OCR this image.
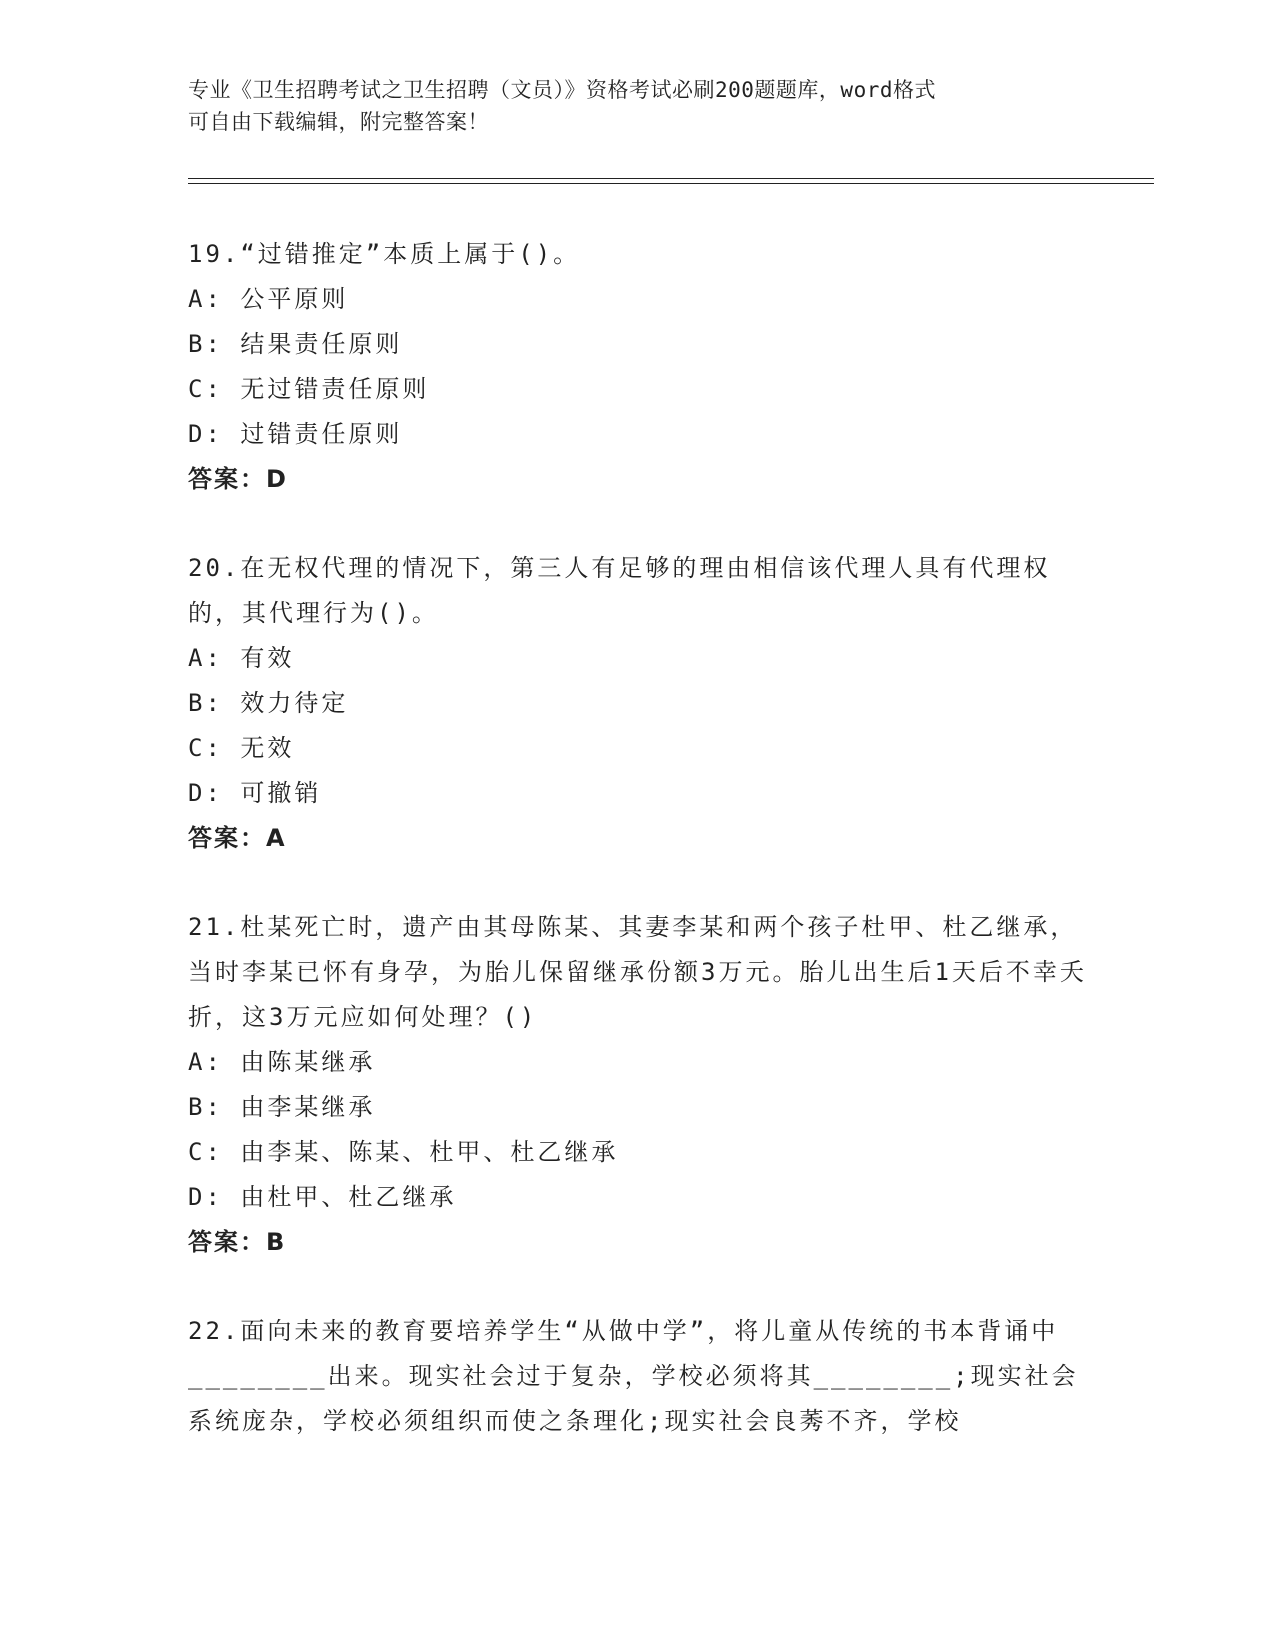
专业《卫生招聘考试之卫生招聘（文员）》资格考试必刷200题题库，word格式
可自由下载编辑，附完整答案！
19.“过错推定”本质上属于()。
A: 公平原则
B: 结果责任原则
C: 无过错责任原则
D: 过错责任原则
答案：D
20.在无权代理的情况下，第三人有足够的理由相信该代理人具有代理权的，其代理行为()。
A: 有效
B: 效力待定
C: 无效
D: 可撤销
答案：A
21.杜某死亡时，遗产由其母陈某、其妻李某和两个孩子杜甲、杜乙继承，当时李某已怀有身孕，为胎儿保留继承份额3万元。胎儿出生后1天后不幸夭折，这3万元应如何处理？()
A: 由陈某继承
B: 由李某继承
C: 由李某、陈某、杜甲、杜乙继承
D: 由杜甲、杜乙继承
答案：B
22.面向未来的教育要培养学生“从做中学”，将儿童从传统的书本背诵中________出来。现实社会过于复杂，学校必须将其________;现实社会系统庞杂，学校必须组织而使之条理化;现实社会良莠不齐，学校
